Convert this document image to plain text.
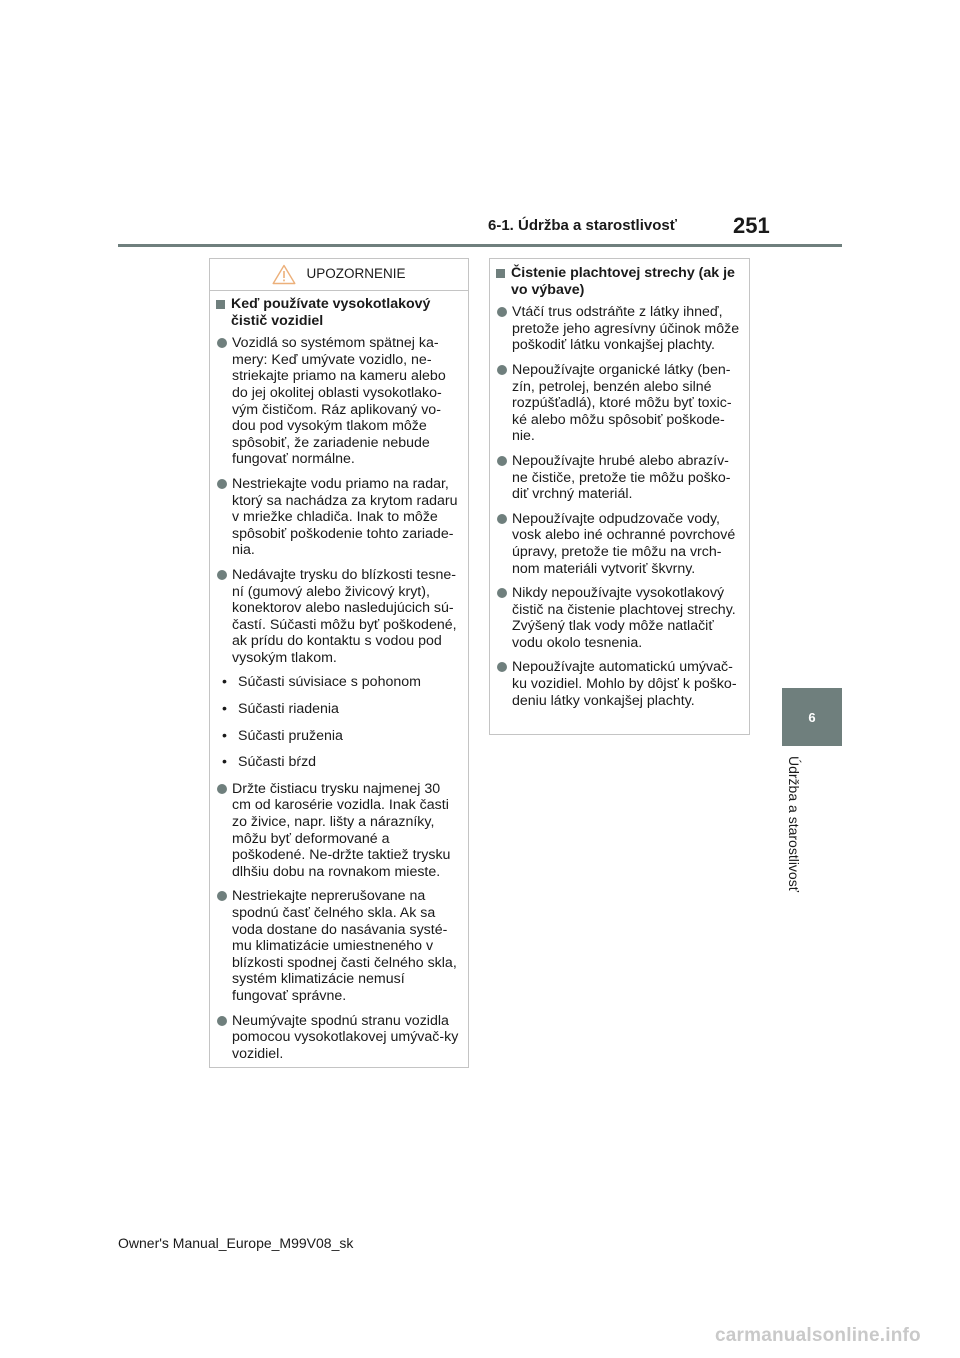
6-1. Údržba a starostlivosť	251
6
Údržba a starostlivosť
UPOZORNENIE
Keď používate vysokotlakový čistič vozidiel
Vozidlá so systémom spätnej ka-mery: Keď umývate vozidlo, ne-striekajte priamo na kameru alebo do jej okolitej oblasti vysokotlako-vým čističom. Ráz aplikovaný vo-dou pod vysokým tlakom môže spôsobiť, že zariadenie nebude fungovať normálne.
Nestriekajte vodu priamo na radar, ktorý sa nachádza za krytom radaru v mriežke chladiča. Inak to môže spôsobiť poškodenie tohto zariade-nia.
Nedávajte trysku do blízkosti tesne-ní (gumový alebo živicový kryt), konektorov alebo nasledujúcich sú-častí. Súčasti môžu byť poškodené, ak prídu do kontaktu s vodou pod vysokým tlakom.
• Súčasti súvisiace s pohonom
• Súčasti riadenia
• Súčasti pruženia
• Súčasti bŕzd
Držte čistiacu trysku najmenej 30 cm od karosérie vozidla. Inak časti zo živice, napr. lišty a nárazníky, môžu byť deformované a poškodené. Ne-držte taktiež trysku dlhšiu dobu na rovnakom mieste.
Nestriekajte neprerušovane na spodnú časť čelného skla. Ak sa voda dostane do nasávania systé-mu klimatizácie umiestneného v blízkosti spodnej časti čelného skla, systém klimatizácie nemusí fungovať správne.
Neumývajte spodnú stranu vozidla pomocou vysokotlakovej umývač-ky vozidiel.
Čistenie plachtovej strechy (ak je vo výbave)
Vtáčí trus odstráňte z látky ihneď, pretože jeho agresívny účinok môže poškodiť látku vonkajšej plachty.
Nepoužívajte organické látky (ben-zín, petrolej, benzén alebo silné rozpúšťadlá), ktoré môžu byť toxic-ké alebo môžu spôsobiť poškode-nie.
Nepoužívajte hrubé alebo abrazív-ne čističe, pretože tie môžu poško-diť vrchný materiál.
Nepoužívajte odpudzovače vody, vosk alebo iné ochranné povrchové úpravy, pretože tie môžu na vrch-nom materiáli vytvoriť škvrny.
Nikdy nepoužívajte vysokotlakový čistič na čistenie plachtovej strechy. Zvýšený tlak vody môže natlačiť vodu okolo tesnenia.
Nepoužívajte automatickú umývač-ku vozidiel. Mohlo by dôjsť k poško-deniu látky vonkajšej plachty.
Owner's Manual_Europe_M99V08_sk
carmanualsonline.info
